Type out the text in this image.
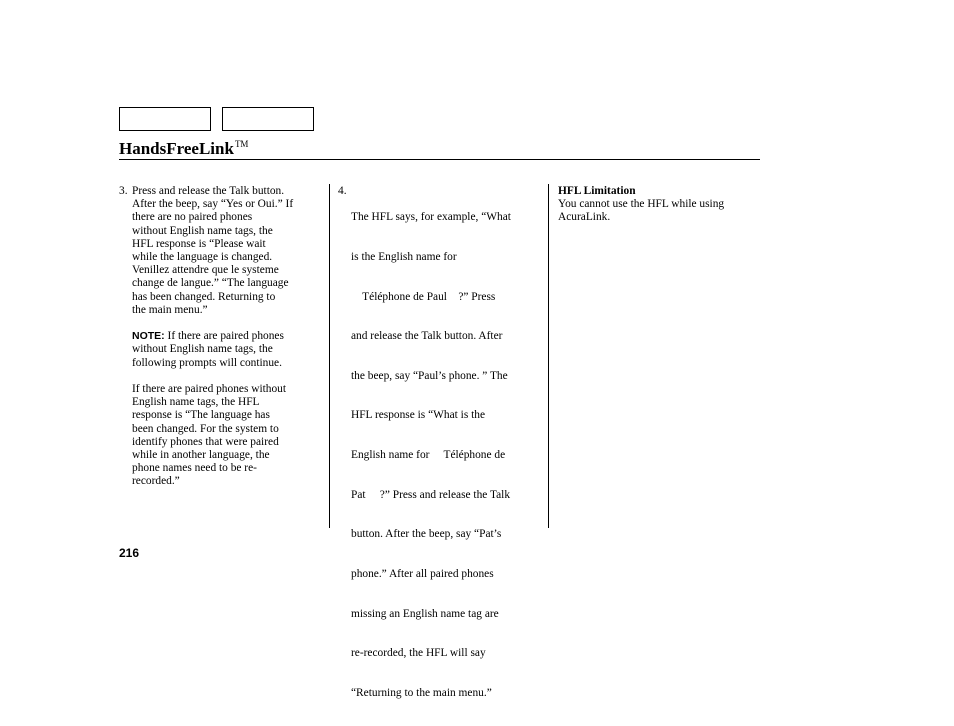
HandsFreeLink™
3. Press and release the Talk button.

After the beep, say “Yes or Oui.” If

there are no paired phones

without English name tags, the

HFL response is “Please wait

while the language is changed.

Venillez attendre que le systeme

change de langue.” “The language

has been changed. Returning to

the main menu.”

NOTE: If there are paired phones

without English name tags, the

following prompts will continue.

If there are paired phones without

English name tags, the HFL

response is “The language has

been changed. For the system to

identify phones that were paired

while in another language, the

phone names need to be re-

recorded.”

4.

The HFL says, for example, “What

is the English name for

Téléphone de Paul    ?” Press

and release the Talk button. After

the beep, say “Paul’s phone. ” The

HFL response is “What is the

English name for     Téléphone de

Pat     ?” Press and release the Talk

button. After the beep, say “Pat’s

phone.” After all paired phones

missing an English name tag are

re-recorded, the HFL will say

“Returning to the main menu.”

HFL Limitation

You cannot use the HFL while using

AcuraLink.

216
